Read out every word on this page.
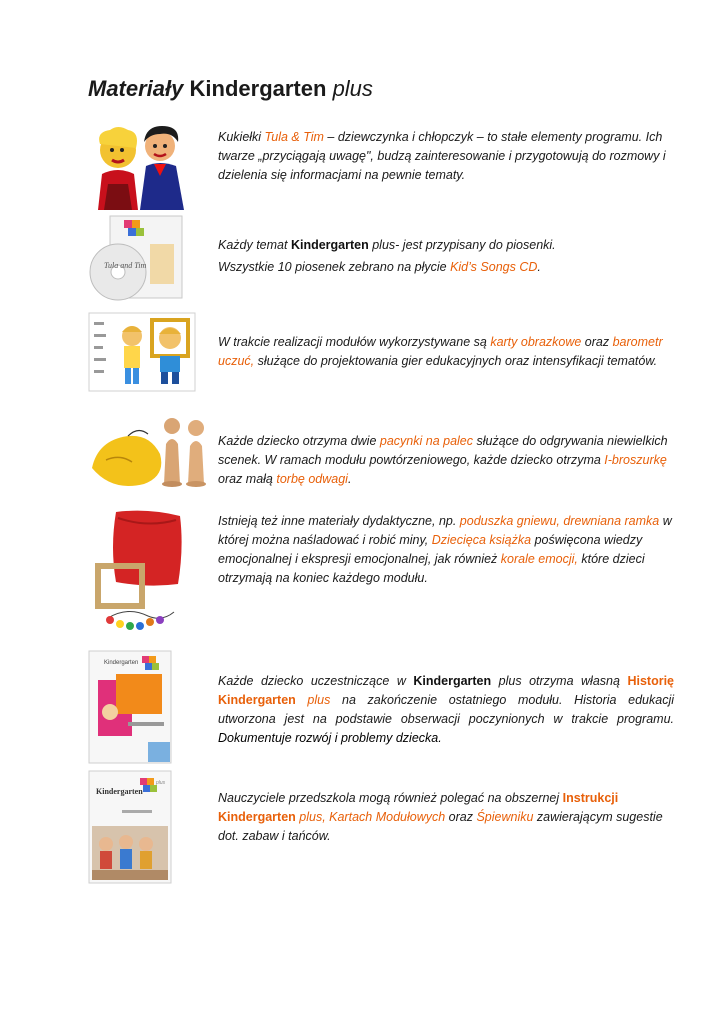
Materiały Kindergarten plus
Kukiełki Tula & Tim – dziewczynka i chłopczyk – to stałe elementy programu. Ich twarze „przyciągają uwagę", budzą zainteresowanie i przygotowują do rozmowy i dzielenia się informacjami na pewnie tematy.
Tula and Tim
Każdy temat Kindergarten plus- jest przypisany do piosenki.
Wszystkie 10 piosenek zebrano na płycie Kid’s Songs CD.
W trakcie realizacji modułów wykorzystywane są karty obrazkowe oraz barometr uczuć, służące do projektowania gier edukacyjnych oraz intensyfikacji tematów.
Każde dziecko otrzyma dwie pacynki na palec służące do odgrywania niewielkich scenek. W ramach modułu powtórzeniowego, każde dziecko otrzyma I-broszurkę oraz małą torbę odwagi.
Istnieją też inne materiały dydaktyczne, np. poduszka gniewu, drewniana ramka w której można naśladować i robić miny, Dziecięca książka poświęcona wiedzy emocjonalnej i ekspresji emocjonalnej, jak również korale emocji, które dzieci otrzymają na koniec każdego modułu.
Kindergarten
Każde dziecko uczestniczące w Kindergarten plus otrzyma własną Historię Kindergarten plus na zakończenie ostatniego modułu. Historia edukacji utworzona jest na podstawie obserwacji poczynionych w trakcie programu. Dokumentuje rozwój i problemy dziecka.
Kindergarten
plus
Nauczyciele przedszkola mogą również polegać na obszernej Instrukcji Kindergarten plus, Kartach Modułowych oraz Śpiewniku zawierającym sugestie dot. zabaw i tańców.
